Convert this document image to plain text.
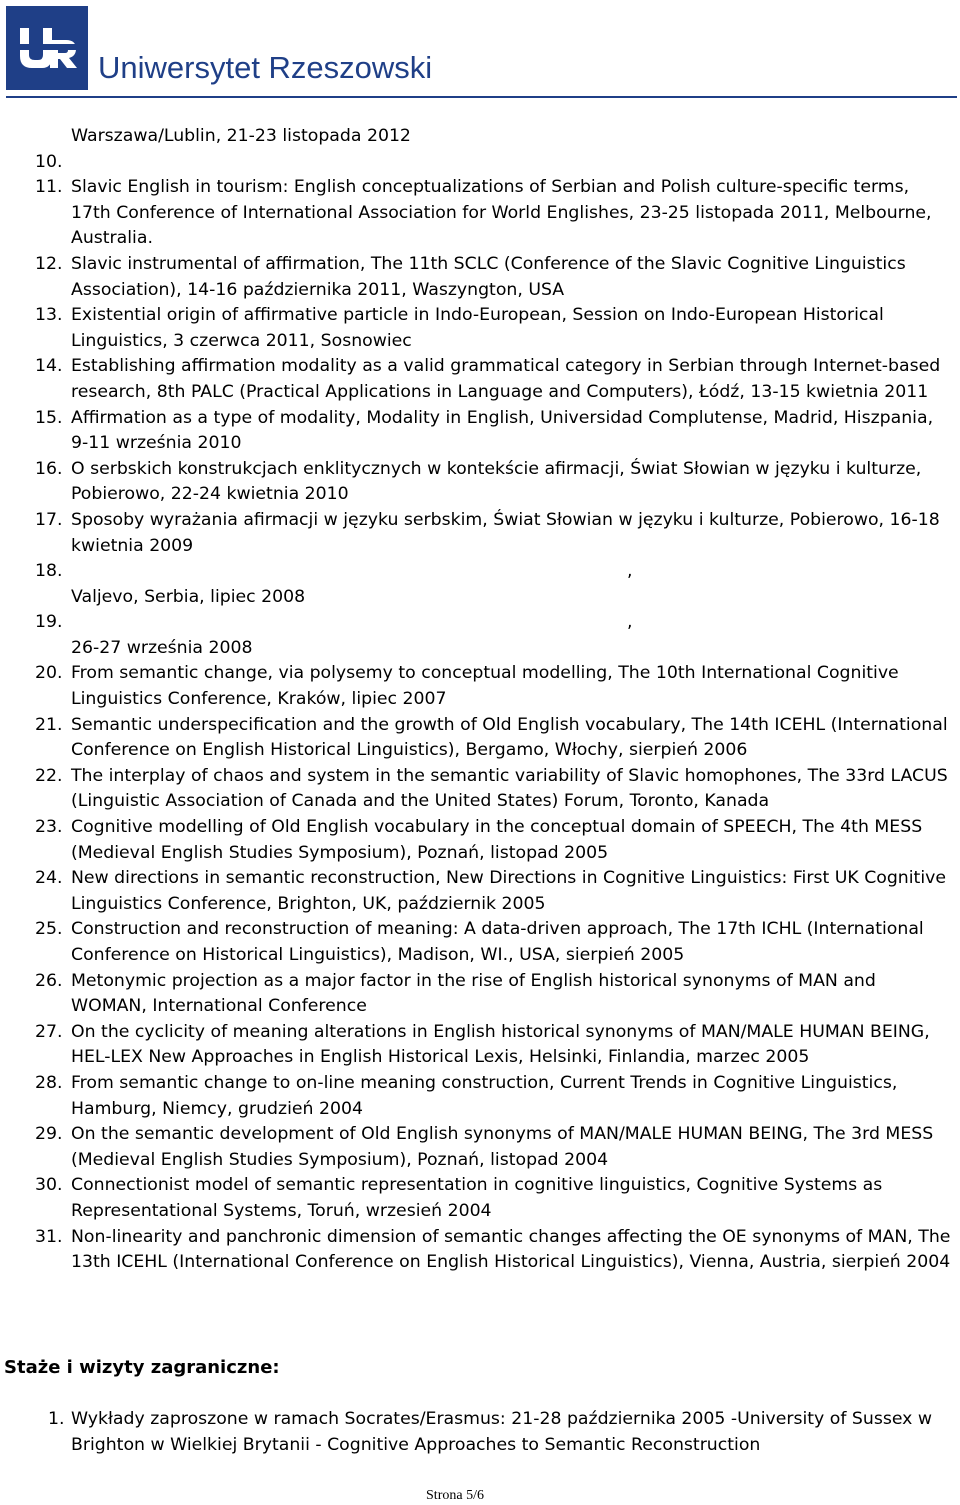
Uniwersytet Rzeszowski
Warszawa/Lublin, 21-23 listopada 2012
10.
11. Slavic English in tourism: English conceptualizations of Serbian and Polish culture-specific terms, 17th Conference of International Association for World Englishes, 23-25 listopada 2011, Melbourne, Australia.
12. Slavic instrumental of affirmation, The 11th SCLC (Conference of the Slavic Cognitive Linguistics Association), 14-16 października 2011, Waszyngton, USA
13. Existential origin of affirmative particle in Indo-European, Session on Indo-European Historical Linguistics, 3 czerwca 2011, Sosnowiec
14. Establishing affirmation modality as a valid grammatical category in Serbian through Internet-based research, 8th PALC (Practical Applications in Language and Computers), Łódź, 13-15 kwietnia 2011
15. Affirmation as a type of modality, Modality in English, Universidad Complutense, Madrid, Hiszpania, 9-11 września 2010
16. O serbskich konstrukcjach enklitycznych w kontekście afirmacji, Świat Słowian w języku i kulturze, Pobierowo, 22-24 kwietnia 2010
17. Sposoby wyrażania afirmacji w języku serbskim, Świat Słowian w języku i kulturze, Pobierowo, 16-18 kwietnia 2009
18.

Valjevo, Serbia, lipiec 2008
,
19.

26-27 września 2008
,
20. From semantic change, via polysemy to conceptual modelling, The 10th International Cognitive Linguistics Conference, Kraków, lipiec 2007
21. Semantic underspecification and the growth of Old English vocabulary, The 14th ICEHL (International Conference on English Historical Linguistics), Bergamo, Włochy, sierpień 2006
22. The interplay of chaos and system in the semantic variability of Slavic homophones, The 33rd LACUS (Linguistic Association of Canada and the United States) Forum, Toronto, Kanada
23. Cognitive modelling of Old English vocabulary in the conceptual domain of SPEECH, The 4th MESS (Medieval English Studies Symposium), Poznań, listopad 2005
24. New directions in semantic reconstruction, New Directions in Cognitive Linguistics: First UK Cognitive Linguistics Conference, Brighton, UK, październik 2005
25. Construction and reconstruction of meaning: A data-driven approach, The 17th ICHL (International Conference on Historical Linguistics), Madison, WI., USA, sierpień 2005
26. Metonymic projection as a major factor in the rise of English historical synonyms of MAN and WOMAN, International Conference
27. On the cyclicity of meaning alterations in English historical synonyms of MAN/MALE HUMAN BEING, HEL-LEX New Approaches in English Historical Lexis, Helsinki, Finlandia, marzec 2005
28. From semantic change to on-line meaning construction, Current Trends in Cognitive Linguistics, Hamburg, Niemcy, grudzień 2004
29. On the semantic development of Old English synonyms of MAN/MALE HUMAN BEING, The 3rd MESS (Medieval English Studies Symposium), Poznań, listopad 2004
30. Connectionist model of semantic representation in cognitive linguistics, Cognitive Systems as Representational Systems, Toruń, wrzesień 2004
31. Non-linearity and panchronic dimension of semantic changes affecting the OE synonyms of MAN, The 13th ICEHL (International Conference on English Historical Linguistics), Vienna, Austria, sierpień 2004
Staże i wizyty zagraniczne:
1. Wykłady zaproszone w ramach Socrates/Erasmus: 21-28 października 2005 -University of Sussex w Brighton w Wielkiej Brytanii - Cognitive Approaches to Semantic Reconstruction
Strona 5/6
